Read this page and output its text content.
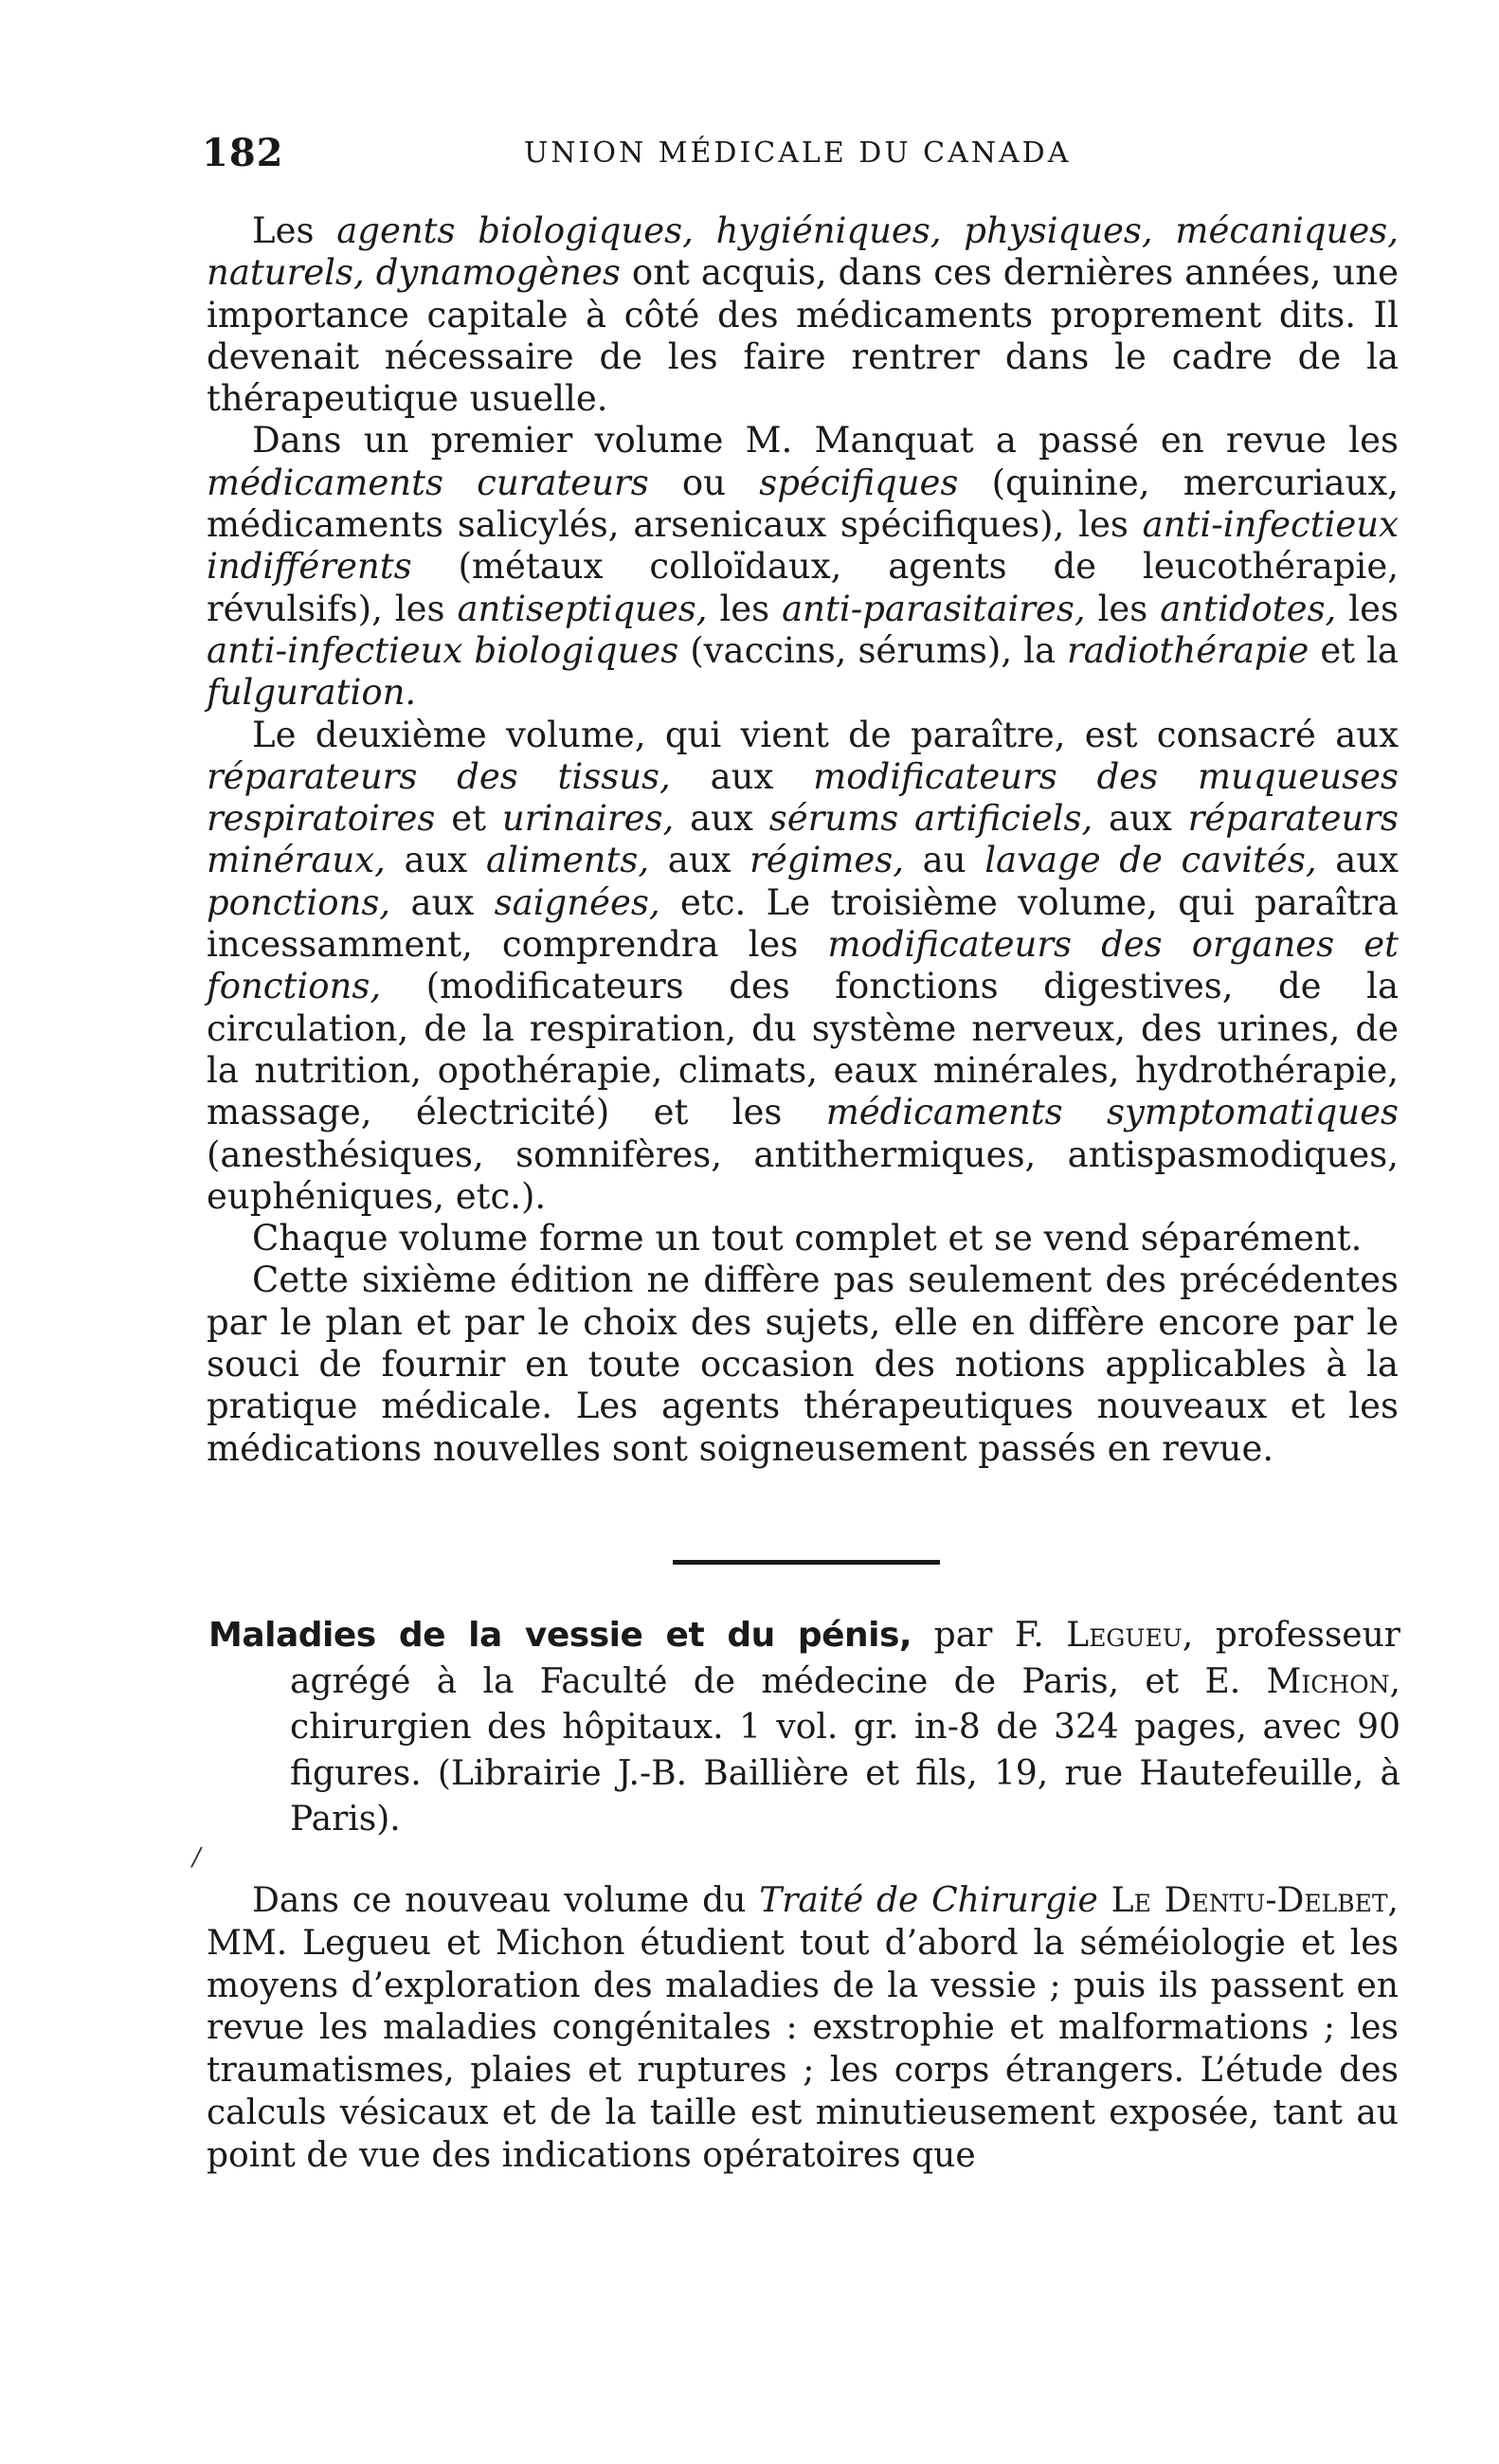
182	UNION MÉDICALE DU CANADA

Les agents biologiques, hygiéniques, physiques, mécaniques, naturels, dynamogènes ont acquis, dans ces dernières années, une importance capitale à côté des médicaments proprement dits. Il devenait nécessaire de les faire rentrer dans le cadre de la thérapeutique usuelle.

Dans un premier volume M. Manquat a passé en revue les médicaments curateurs ou spécifiques (quinine, mercuriaux, médicaments salicylés, arsenicaux spécifiques), les anti-infectieux indifférents (métaux colloïdaux, agents de leucothérapie, révulsifs), les antiseptiques, les anti-parasitaires, les antidotes, les anti-infectieux biologiques (vaccins, sérums), la radiothérapie et la fulguration.

Le deuxième volume, qui vient de paraître, est consacré aux réparateurs des tissus, aux modificateurs des muqueuses respiratoires et urinaires, aux sérums artificiels, aux réparateurs minéraux, aux aliments, aux régimes, au lavage de cavités, aux ponctions, aux saignées, etc. Le troisième volume, qui paraîtra incessamment, comprendra les modificateurs des organes et fonctions, (modificateurs des fonctions digestives, de la circulation, de la respiration, du système nerveux, des urines, de la nutrition, opothérapie, climats, eaux minérales, hydrothérapie, massage, électricité) et les médicaments symptomatiques (anesthésiques, somnifères, antithermiques, antispasmodiques, euphéniques, etc.).

Chaque volume forme un tout complet et se vend séparément.

Cette sixième édition ne diffère pas seulement des précédentes par le plan et par le choix des sujets, elle en diffère encore par le souci de fournir en toute occasion des notions applicables à la pratique médicale. Les agents thérapeutiques nouveaux et les médications nouvelles sont soigneusement passés en revue.

Maladies de la vessie et du pénis, par F. Legueu, professeur agrégé à la Faculté de médecine de Paris, et E. Michon, chirurgien des hôpitaux. 1 vol. gr. in-8 de 324 pages, avec 90 figures. (Librairie J.-B. Baillière et fils, 19, rue Hautefeuille, à Paris).

/

Dans ce nouveau volume du Traité de Chirurgie Le Dentu-Delbet, MM. Legueu et Michon étudient tout d’abord la séméiologie et les moyens d’exploration des maladies de la vessie ; puis ils passent en revue les maladies congénitales : exstrophie et malformations ; les traumatismes, plaies et ruptures ; les corps étrangers. L’étude des calculs vésicaux et de la taille est minutieusement exposée, tant au point de vue des indications opératoires que
